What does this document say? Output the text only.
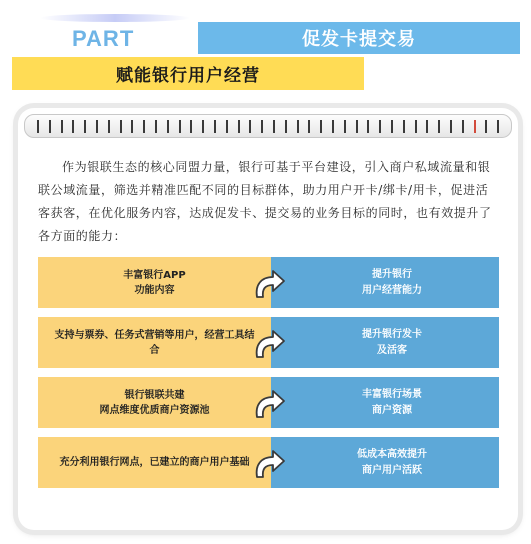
PART	促发卡提交易
赋能银行用户经营

作为银联生态的核心同盟力量，银行可基于平台建设，引入商户私域流量和银联公域流量，筛选并精准匹配不同的目标群体，助力用户开卡/绑卡/用卡，促进活客获客，在优化服务内容，达成促发卡、提交易的业务目标的同时，也有效提升了各方面的能力：

丰富银行APP
功能内容
提升银行
用户经营能力
支持与票券、任务式营销等用户，经营工具结合
提升银行发卡
及活客
银行银联共建
网点维度优质商户资源池
丰富银行场景
商户资源
充分利用银行网点，已建立的商户用户基础
低成本高效提升
商户用户活跃
